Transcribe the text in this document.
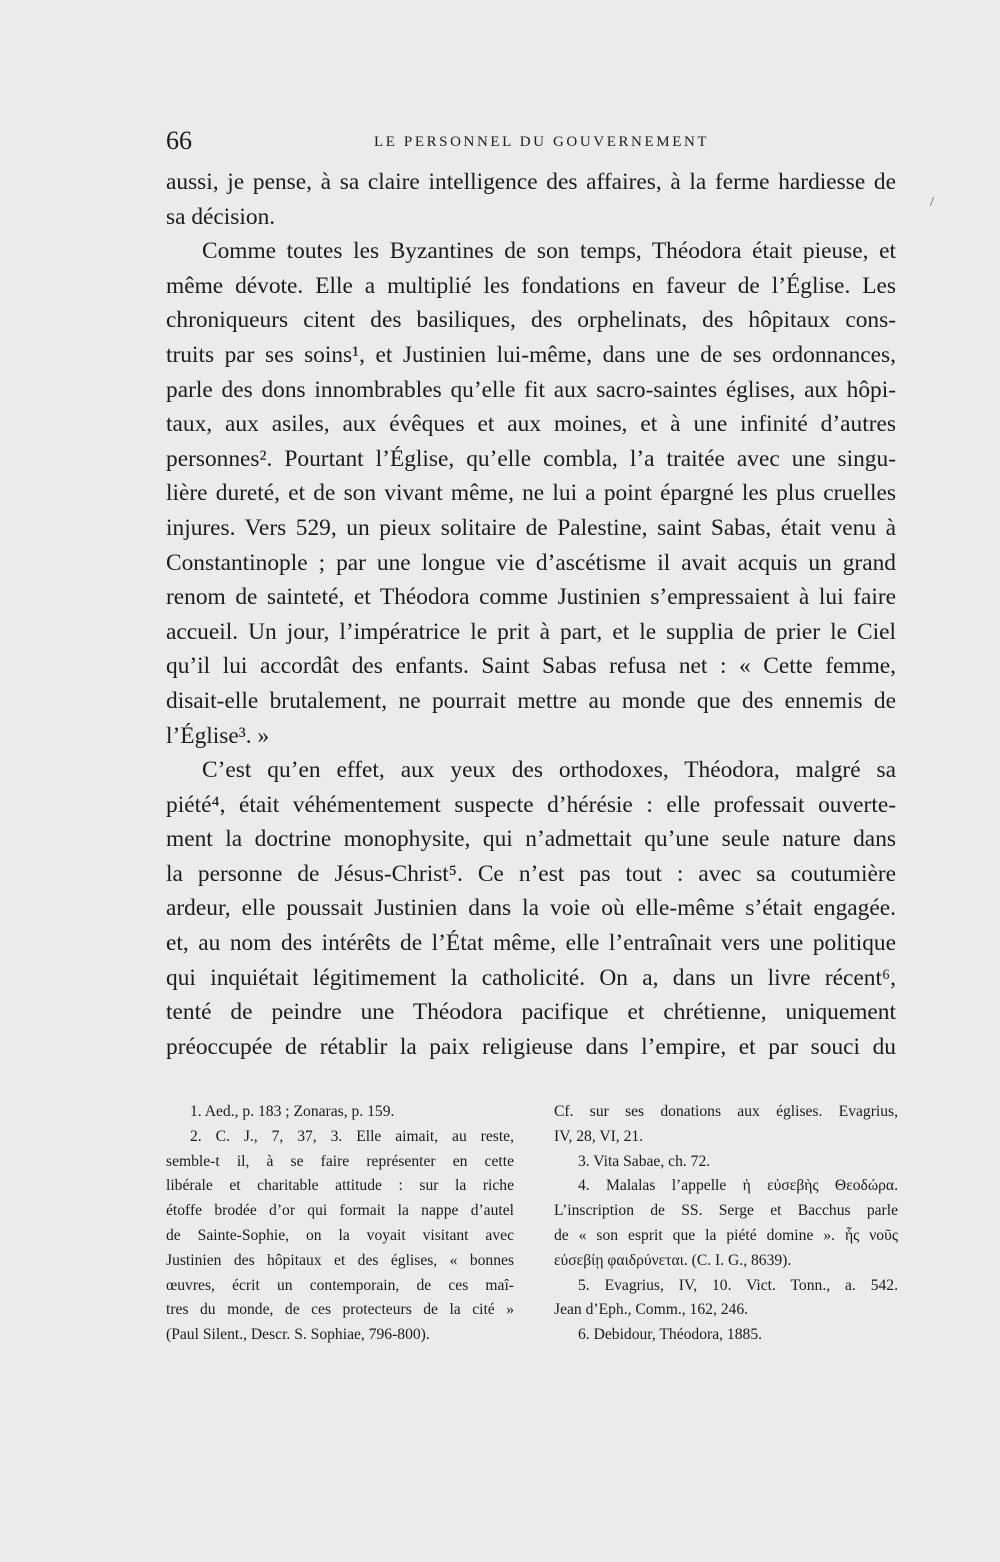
66	LE PERSONNEL DU GOUVERNEMENT
/
aussi, je pense, à sa claire intelligence des affaires, à la ferme hardiesse de
sa décision.
Comme toutes les Byzantines de son temps, Théodora était pieuse, et
même dévote. Elle a multiplié les fondations en faveur de l’Église. Les
chroniqueurs citent des basiliques, des orphelinats, des hôpitaux cons-
truits par ses soins¹, et Justinien lui-même, dans une de ses ordonnances,
parle des dons innombrables qu’elle fit aux sacro-saintes églises, aux hôpi-
taux, aux asiles, aux évêques et aux moines, et à une infinité d’autres
personnes². Pourtant l’Église, qu’elle combla, l’a traitée avec une singu-
lière dureté, et de son vivant même, ne lui a point épargné les plus cruelles
injures. Vers 529, un pieux solitaire de Palestine, saint Sabas, était venu à
Constantinople ; par une longue vie d’ascétisme il avait acquis un grand
renom de sainteté, et Théodora comme Justinien s’empressaient à lui faire
accueil. Un jour, l’impératrice le prit à part, et le supplia de prier le Ciel
qu’il lui accordât des enfants. Saint Sabas refusa net : « Cette femme,
disait-elle brutalement, ne pourrait mettre au monde que des ennemis de
l’Église³. »
C’est qu’en effet, aux yeux des orthodoxes, Théodora, malgré sa
piété⁴, était véhémentement suspecte d’hérésie : elle professait ouverte-
ment la doctrine monophysite, qui n’admettait qu’une seule nature dans
la personne de Jésus-Christ⁵. Ce n’est pas tout : avec sa coutumière
ardeur, elle poussait Justinien dans la voie où elle-même s’était engagée.
et, au nom des intérêts de l’État même, elle l’entraînait vers une politique
qui inquiétait légitimement la catholicité. On a, dans un livre récent⁶,
tenté de peindre une Théodora pacifique et chrétienne, uniquement
préoccupée de rétablir la paix religieuse dans l’empire, et par souci du
1. Aed., p. 183 ; Zonaras, p. 159.
2. C. J., 7, 37, 3. Elle aimait, au reste,
semble-t il, à se faire représenter en cette
libérale et charitable attitude : sur la riche
étoffe brodée d’or qui formait la nappe d’autel
de Sainte-Sophie, on la voyait visitant avec
Justinien des hôpitaux et des églises, « bonnes
œuvres, écrit un contemporain, de ces maî-
tres du monde, de ces protecteurs de la cité »
(Paul Silent., Descr. S. Sophiae, 796-800).
Cf. sur ses donations aux églises. Evagrius,
IV, 28, VI, 21.
3. Vita Sabae, ch. 72.
4. Malalas l’appelle ἡ εὐσεβὴς Θεοδώρα.
L’inscription de SS. Serge et Bacchus parle
de « son esprit que la piété domine ». ἧς νοῦς
εὐσεβίῃ φαιδρύνεται. (C. I. G., 8639).
5. Evagrius, IV, 10. Vict. Tonn., a. 542.
Jean d’Eph., Comm., 162, 246.
6. Debidour, Théodora, 1885.
